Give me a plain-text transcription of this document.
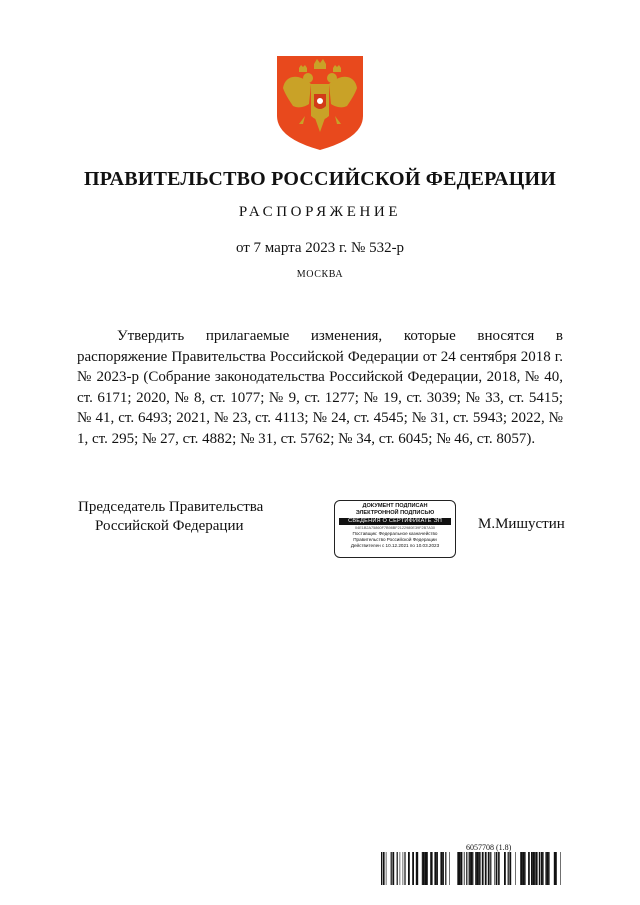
ПРАВИТЕЛЬСТВО РОССИЙСКОЙ ФЕДЕРАЦИИ
РАСПОРЯЖЕНИЕ
от 7 марта 2023 г. № 532-р
МОСКВА

Утвердить прилагаемые изменения, которые вносятся в распоряжение Правительства Российской Федерации от 24 сентября 2018 г. № 2023-р (Собрание законодательства Российской Федерации, 2018, № 40, ст. 6171; 2020, № 8, ст. 1077; № 9, ст. 1277; № 19, ст. 3039; № 33, ст. 5415; № 41, ст. 6493; 2021, № 23, ст. 4113; № 24, ст. 4545; № 31, ст. 5943; 2022, № 1, ст. 295; № 27, ст. 4882; № 31, ст. 5762; № 34, ст. 6045; № 46, ст. 8057).

Председатель Правительства
Российской Федерации
ДОКУМЕНТ ПОДПИСАН
ЭЛЕКТРОННОЙ ПОДПИСЬЮ
СВЕДЕНИЯ О СЕРТИФИКАТЕ ЭП
04E1B2A75860F7B98BF2122980E39F2B7A30
Поставщик: Федеральное казначейство
Правительство Российской Федерации
Действителен с 10.12.2021 по 10.03.2023
М.Мишустин
6057708 (1.8)
